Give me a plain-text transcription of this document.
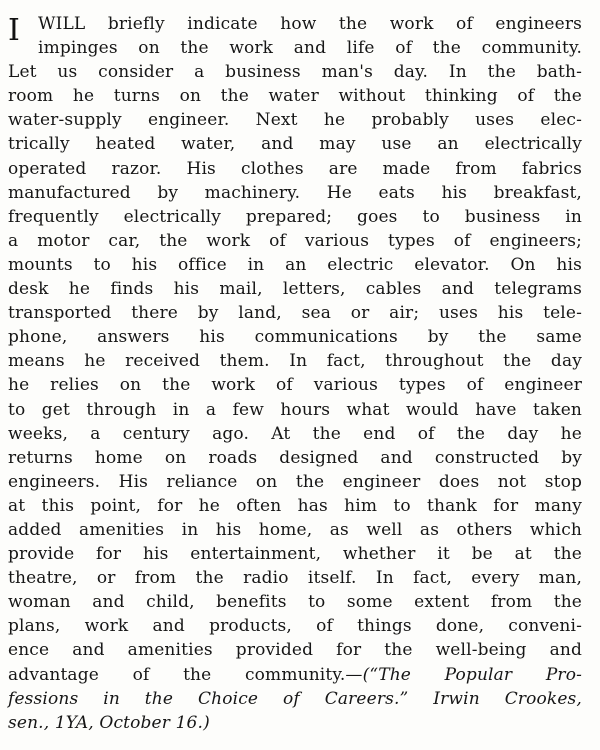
I WILL briefly indicate how the work of engineers
impinges on the work and life of the community.
Let us consider a business man's day. In the bath-
room he turns on the water without thinking of the
water-supply engineer. Next he probably uses elec-
trically heated water, and may use an electrically
operated razor. His clothes are made from fabrics
manufactured by machinery. He eats his breakfast,
frequently electrically prepared; goes to business in
a motor car, the work of various types of engineers;
mounts to his office in an electric elevator. On his
desk he finds his mail, letters, cables and telegrams
transported there by land, sea or air; uses his tele-
phone, answers his communications by the same
means he received them. In fact, throughout the day
he relies on the work of various types of engineer
to get through in a few hours what would have taken
weeks, a century ago. At the end of the day he
returns home on roads designed and constructed by
engineers. His reliance on the engineer does not stop
at this point, for he often has him to thank for many
added amenities in his home, as well as others which
provide for his entertainment, whether it be at the
theatre, or from the radio itself. In fact, every man,
woman and child, benefits to some extent from the
plans, work and products, of things done, conveni-
ence and amenities provided for the well-being and
advantage of the community.—(“The Popular Pro-
fessions in the Choice of Careers.” Irwin Crookes,
sen., 1YA, October 16.)
